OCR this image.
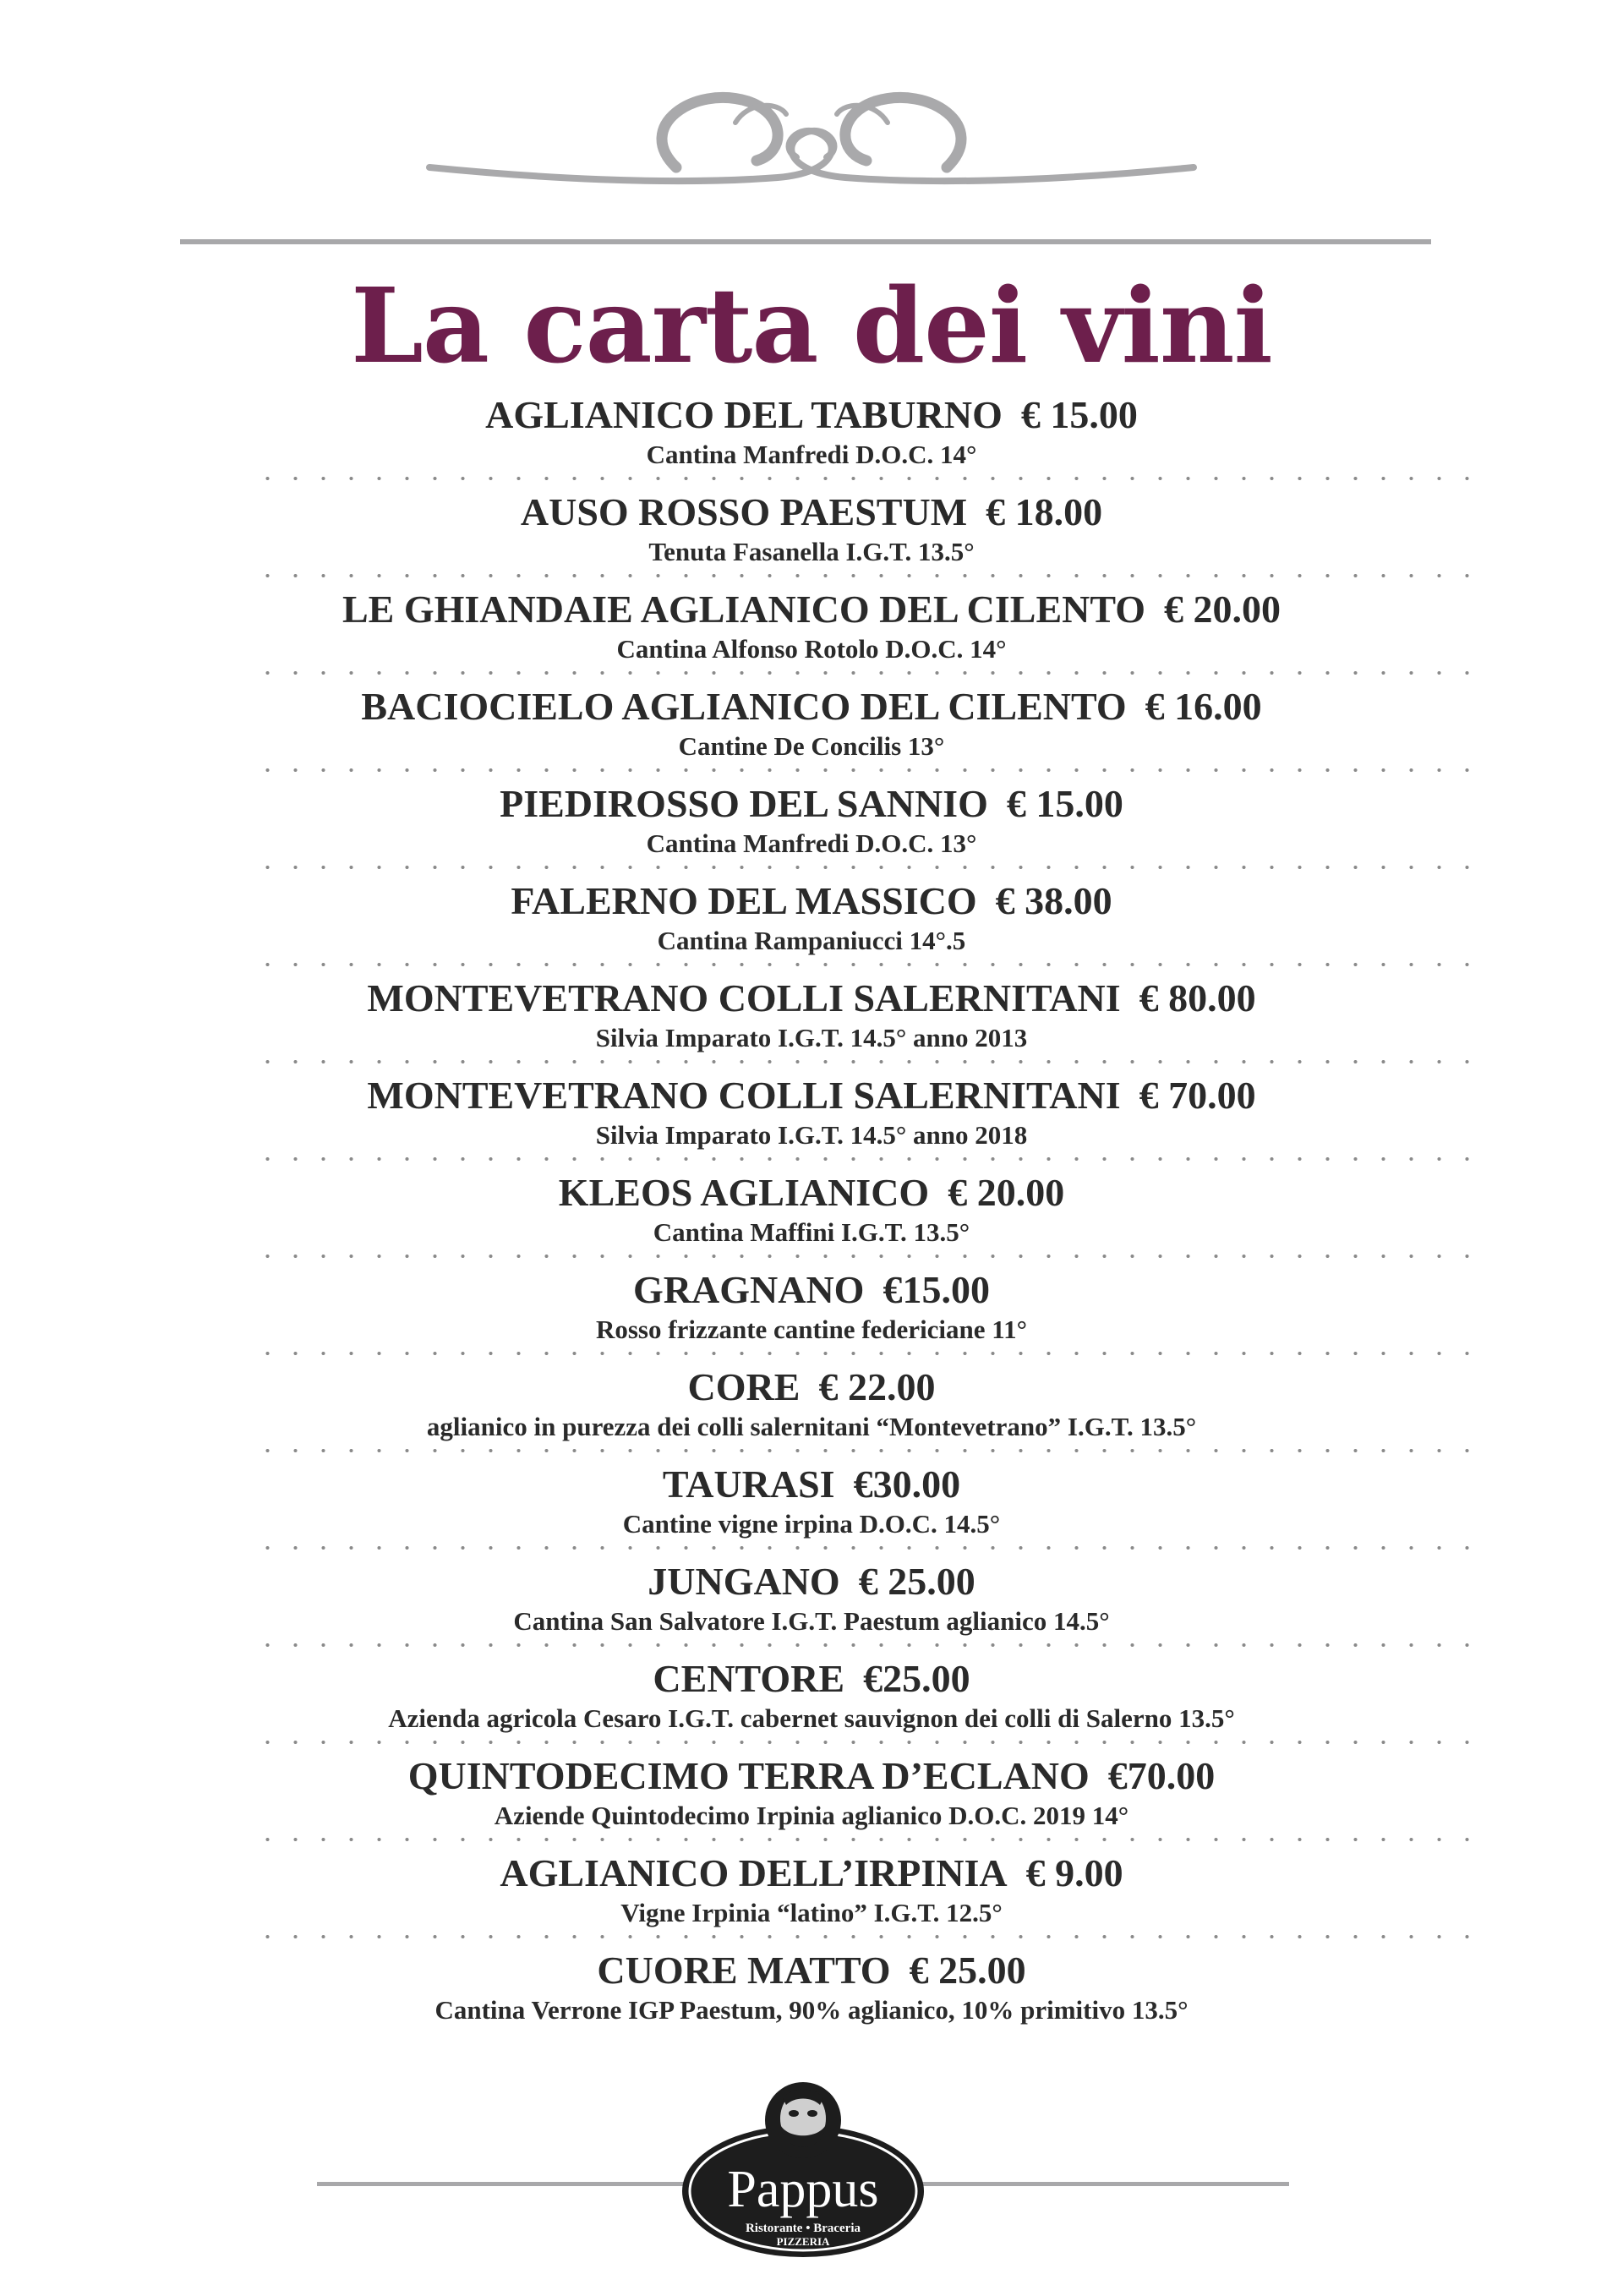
La carta dei vini
AGLIANICO DEL TABURNO € 15.00
Cantina Manfredi D.O.C. 14°
AUSO ROSSO PAESTUM € 18.00
Tenuta Fasanella I.G.T. 13.5°
LE GHIANDAIE AGLIANICO DEL CILENTO € 20.00
Cantina Alfonso Rotolo D.O.C. 14°
BACIOCIELO AGLIANICO DEL CILENTO € 16.00
Cantine De Concilis 13°
PIEDIROSSO DEL SANNIO € 15.00
Cantina Manfredi D.O.C. 13°
FALERNO DEL MASSICO € 38.00
Cantina Rampaniucci 14°.5
MONTEVETRANO COLLI SALERNITANI € 80.00
Silvia Imparato I.G.T. 14.5° anno 2013
MONTEVETRANO COLLI SALERNITANI € 70.00
Silvia Imparato I.G.T. 14.5° anno 2018
KLEOS AGLIANICO € 20.00
Cantina Maffini I.G.T. 13.5°
GRAGNANO €15.00
Rosso frizzante cantine federiciane 11°
CORE € 22.00
aglianico in purezza dei colli salernitani “Montevetrano” I.G.T. 13.5°
TAURASI €30.00
Cantine vigne irpina D.O.C. 14.5°
JUNGANO € 25.00
Cantina San Salvatore I.G.T. Paestum aglianico 14.5°
CENTORE €25.00
Azienda agricola Cesaro I.G.T. cabernet sauvignon dei colli di Salerno 13.5°
QUINTODECIMO TERRA D’ECLANO €70.00
Aziende Quintodecimo Irpinia aglianico D.O.C. 2019 14°
AGLIANICO DELL’IRPINIA € 9.00
Vigne Irpinia “latino” I.G.T. 12.5°
CUORE MATTO € 25.00
Cantina Verrone IGP Paestum, 90% aglianico, 10% primitivo 13.5°
Pappus
Ristorante • Braceria
PIZZERIA
